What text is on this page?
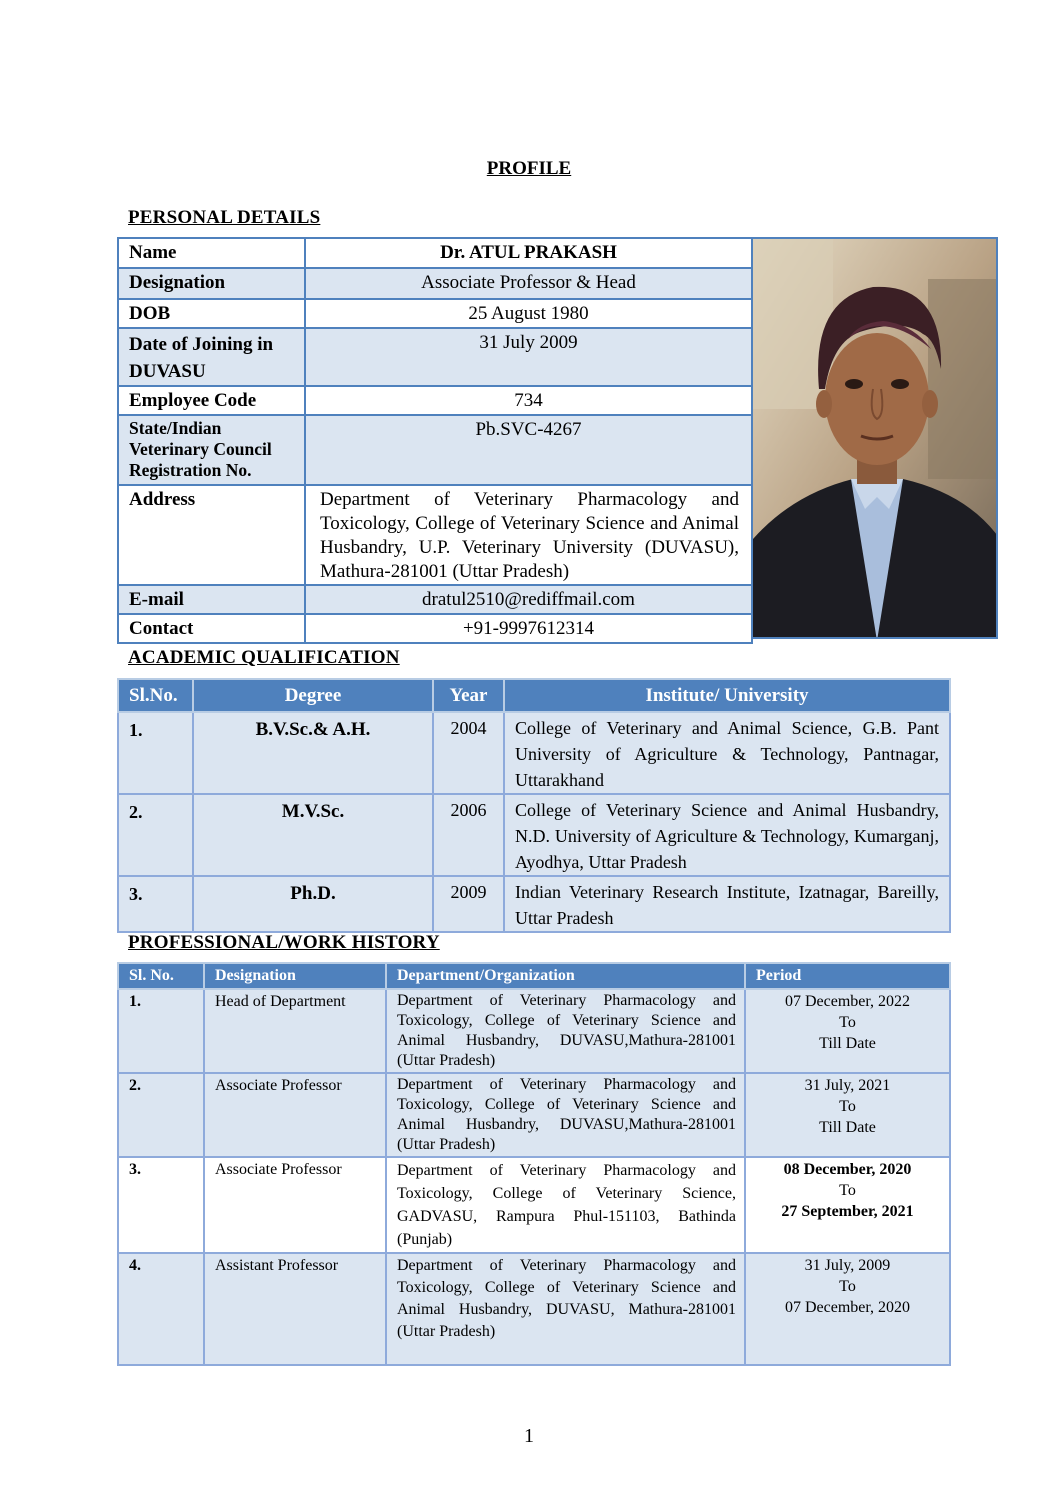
PROFILE
PERSONAL DETAILS
Name	Dr. ATUL PRAKASH
Designation	Associate Professor & Head
DOB	25 August 1980
Date of Joining in DUVASU	31 July 2009
Employee Code	734
State/Indian Veterinary Council Registration No.	Pb.SVC-4267
Address	Department of Veterinary Pharmacology and Toxicology, College of Veterinary Science and Animal Husbandry, U.P. Veterinary University (DUVASU), Mathura-281001 (Uttar Pradesh)
E-mail	dratul2510@rediffmail.com
Contact	+91-9997612314
ACADEMIC QUALIFICATION
Sl.No.	Degree	Year	Institute/ University
1.	B.V.Sc.& A.H.	2004	College of Veterinary and Animal Science, G.B. Pant University of Agriculture & Technology, Pantnagar, Uttarakhand
2.	M.V.Sc.	2006	College of Veterinary Science and Animal Husbandry, N.D. University of Agriculture & Technology, Kumarganj, Ayodhya, Uttar Pradesh
3.	Ph.D.	2009	Indian Veterinary Research Institute, Izatnagar, Bareilly, Uttar Pradesh
PROFESSIONAL/WORK HISTORY
Sl. No.	Designation	Department/Organization	Period
1.	Head of Department	Department of Veterinary Pharmacology and Toxicology, College of Veterinary Science and Animal Husbandry, DUVASU,Mathura-281001 (Uttar Pradesh)	07 December, 2022
To
Till Date

2.	Associate Professor	Department of Veterinary Pharmacology and Toxicology, College of Veterinary Science and Animal Husbandry, DUVASU,Mathura-281001 (Uttar Pradesh)	31 July, 2021
To
Till Date

3.	Associate Professor	Department of Veterinary Pharmacology and Toxicology, College of Veterinary Science, GADVASU, Rampura Phul-151103, Bathinda (Punjab)	08 December, 2020
To
27 September, 2021

4.	Assistant Professor	Department of Veterinary Pharmacology and Toxicology, College of Veterinary Science and Animal Husbandry, DUVASU, Mathura-281001 (Uttar Pradesh)	31 July, 2009
To
07 December, 2020
1
